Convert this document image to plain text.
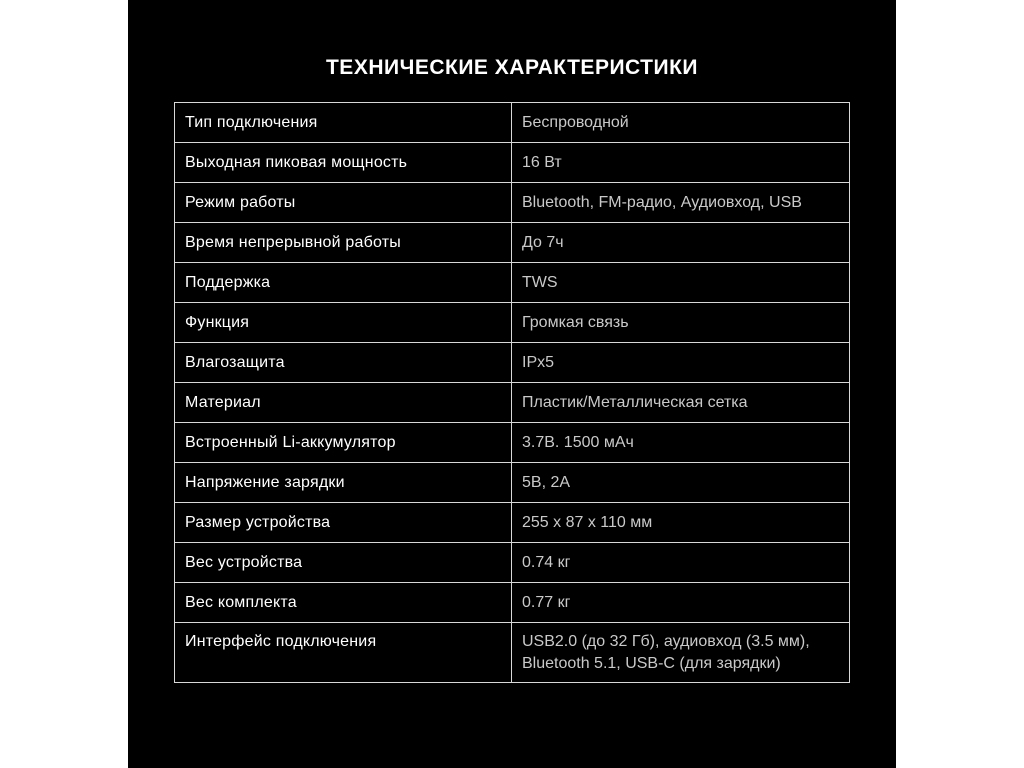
ТЕХНИЧЕСКИЕ ХАРАКТЕРИСТИКИ
Тип подключения	Беспроводной
Выходная пиковая мощность	16 Вт
Режим работы	Bluetooth, FM-радио, Аудиовход, USB
Время непрерывной работы	До 7ч
Поддержка	TWS
Функция	Громкая связь
Влагозащита	IPx5
Материал	Пластик/Металлическая сетка
Встроенный Li-аккумулятор	3.7В. 1500 мАч
Напряжение зарядки	5В, 2А
Размер устройства	255 x 87 x 110 мм
Вес устройства	0.74 кг
Вес комплекта	0.77 кг
Интерфейс подключения	USB2.0 (до 32 Гб), аудиовход (3.5 мм),
Bluetooth 5.1, USB-C (для зарядки)
